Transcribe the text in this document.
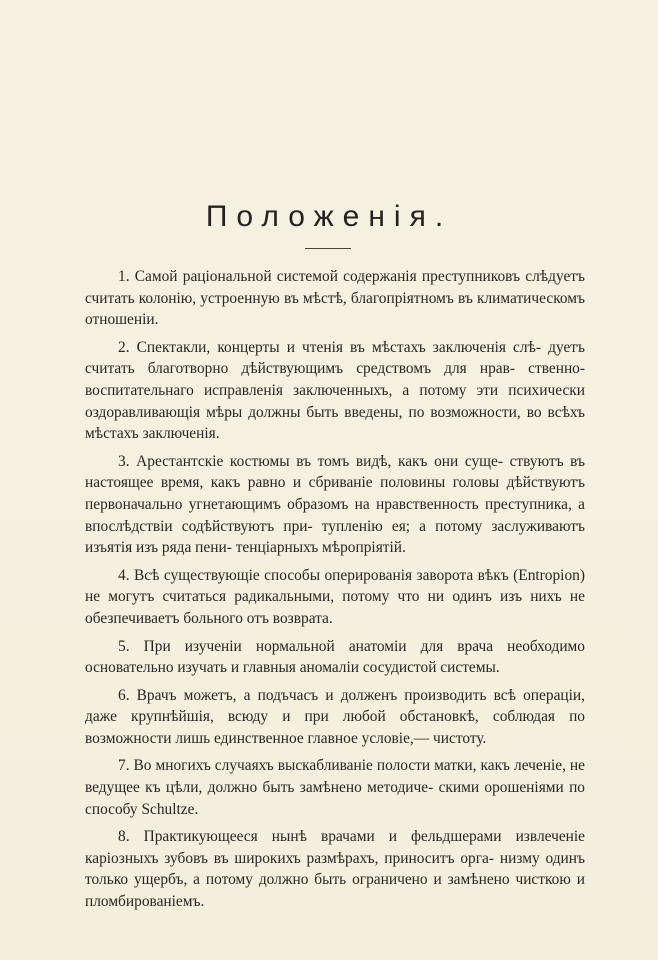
Положенія.
1. Самой раціональной системой содержанія преступниковъ слѣдуетъ считать колонію, устроенную въ мѣстѣ, благопріятномъ въ климатическомъ отношеніи.
2. Спектакли, концерты и чтенія въ мѣстахъ заключенія слѣ- дуетъ считать благотворно дѣйствующимъ средствомъ для нрав- ственно-воспитательнаго исправленія заключенныхъ, а потому эти психически оздоравливающія мѣры должны быть введены, по возможности, во всѣхъ мѣстахъ заключенія.
3. Арестантскіе костюмы въ томъ видѣ, какъ они суще- ствуютъ въ настоящее время, какъ равно и сбриваніе половины головы дѣйствуютъ первоначально угнетающимъ образомъ на нравственность преступника, а впослѣдствіи содѣйствуютъ при- тупленію ея; а потому заслуживаютъ изъятія изъ ряда пени- тенціарныхъ мѣропріятій.
4. Всѣ существующіе способы оперированія заворота вѣкъ (Entropion) не могутъ считаться радикальными, потому что ни одинъ изъ нихъ не обезпечиваетъ больного отъ возврата.
5. При изученіи нормальной анатоміи для врача необходимо основательно изучать и главныя аномаліи сосудистой системы.
6. Врачъ можетъ, а подъчасъ и долженъ производить всѣ операціи, даже крупнѣйшія, всюду и при любой обстановкѣ, соблюдая по возможности лишь единственное главное условіе,— чистоту.
7. Во многихъ случаяхъ выскабливаніе полости матки, какъ леченіе, не ведущее къ цѣли, должно быть замѣнено методиче- скими орошеніями по способу Schultze.
8. Практикующееся нынѣ врачами и фельдшерами извлеченіе каріозныхъ зубовъ въ широкихъ размѣрахъ, приноситъ орга- низму одинъ только ущербъ, а потому должно быть ограничено и замѣнено чисткою и пломбированіемъ.
